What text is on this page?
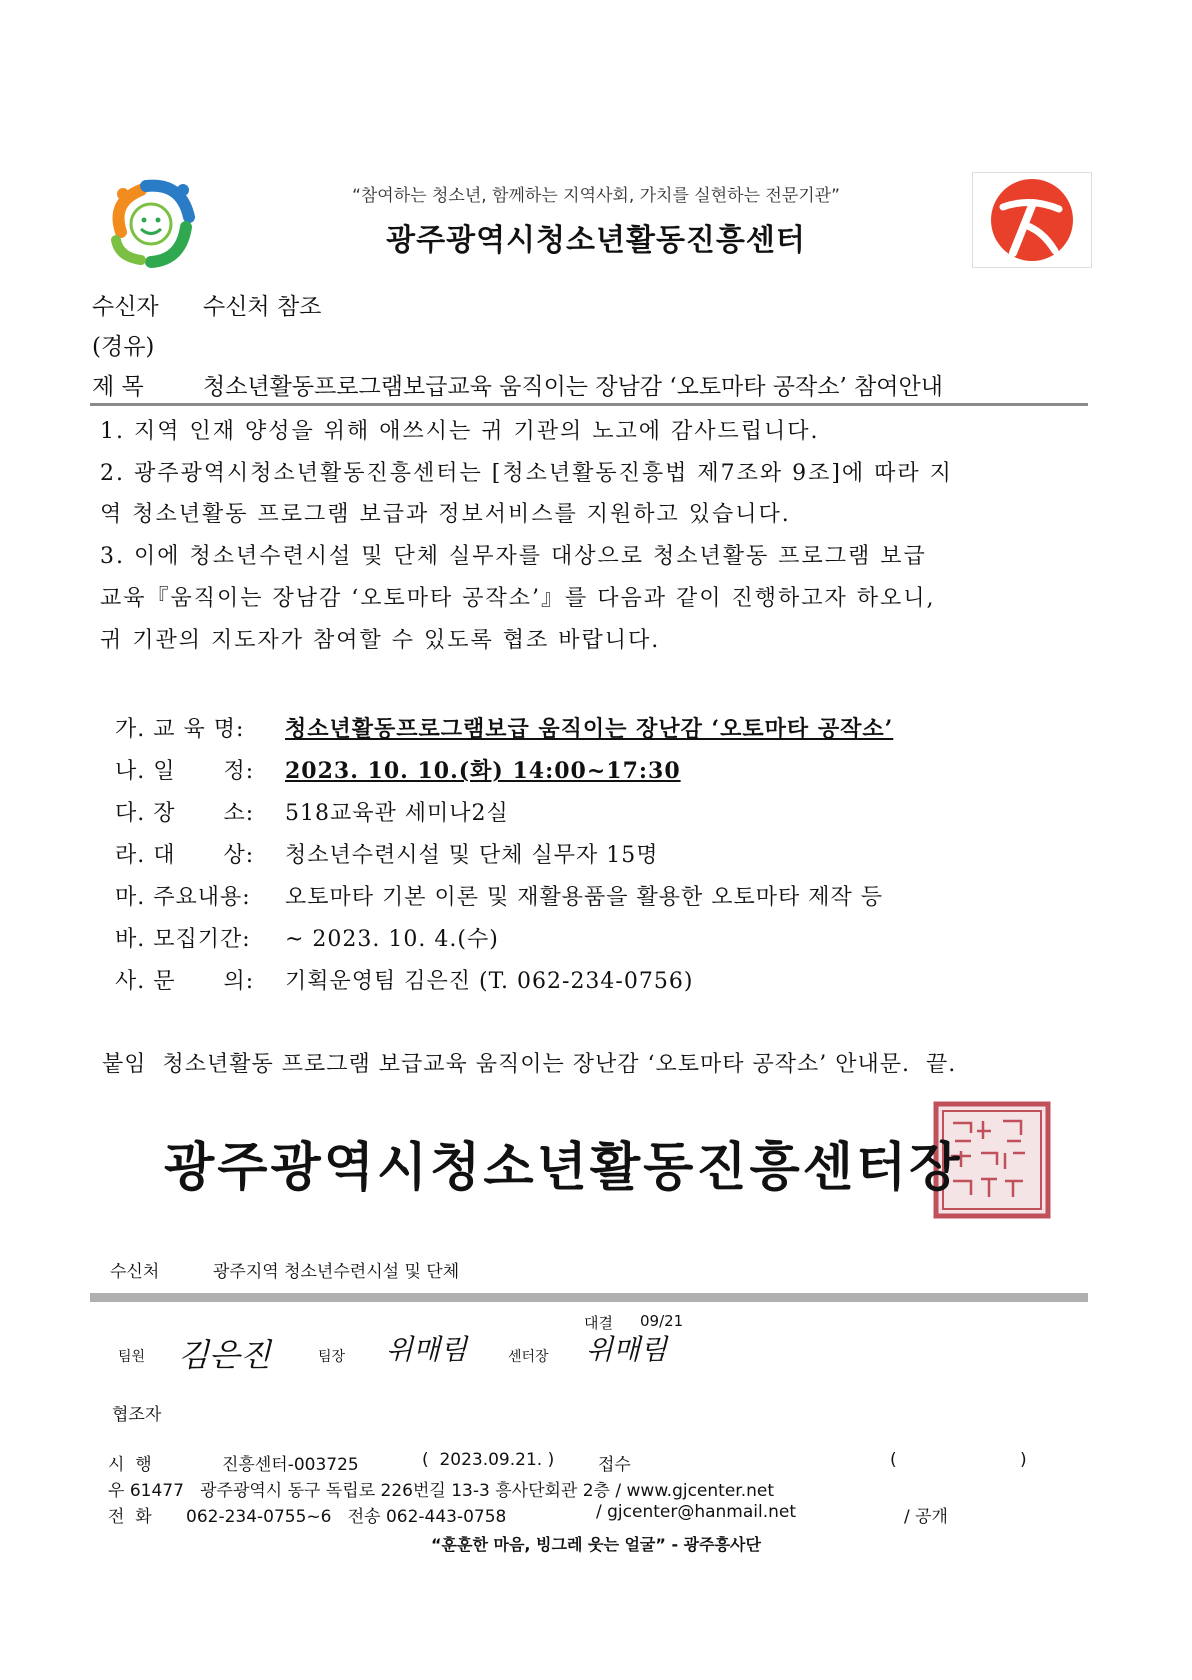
“참여하는 청소년, 함께하는 지역사회, 가치를 실현하는 전문기관”
광주광역시청소년활동진흥센터
수신자 수신처 참조
(경유)
제 목	청소년활동프로그램보급교육 움직이는 장남감 ‘오토마타 공작소’ 참여안내
1. 지역 인재 양성을 위해 애쓰시는 귀 기관의 노고에 감사드립니다.
2. 광주광역시청소년활동진흥센터는 [청소년활동진흥법 제7조와 9조]에 따라 지
역 청소년활동 프로그램 보급과 정보서비스를 지원하고 있습니다.
3. 이에 청소년수련시설 및 단체 실무자를 대상으로 청소년활동 프로그램 보급
교육『움직이는 장남감 ‘오토마타 공작소’』를 다음과 같이 진행하고자 하오니,
귀 기관의 지도자가 참여할 수 있도록 협조 바랍니다.
가. 교 육 명: 청소년활동프로그램보급 움직이는 장난감 ‘오토마타 공작소’
나. 일      정: 2023. 10. 10.(화) 14:00~17:30
다. 장      소: 518교육관 세미나2실
라. 대      상: 청소년수련시설 및 단체 실무자 15명
마. 주요내용: 오토마타 기본 이론 및 재활용품을 활용한 오토마타 제작 등
바. 모집기간: ~ 2023. 10. 4.(수)
사. 문      의: 기획운영팀 김은진 (T. 062-234-0756)
붙임  청소년활동 프로그램 보급교육 움직이는 장난감 ‘오토마타 공작소’ 안내문.  끝.
광주광역시청소년활동진흥센터장
수신처	광주지역 청소년수련시설 및 단체
대결 09/21
팀원 김은진	팀장 위매림	센터장 위매림
협조자
시  행	진흥센터-003725	(  2023.09.21. )	접수	(	)
우 61477   광주광역시 동구 독립로 226번길 13-3 흥사단회관 2층 / www.gjcenter.net
전  화 062-234-0755~6   전송 062-443-0758	/ gjcenter@hanmail.net	/ 공개
“훈훈한 마음, 빙그레 웃는 얼굴” - 광주흥사단
